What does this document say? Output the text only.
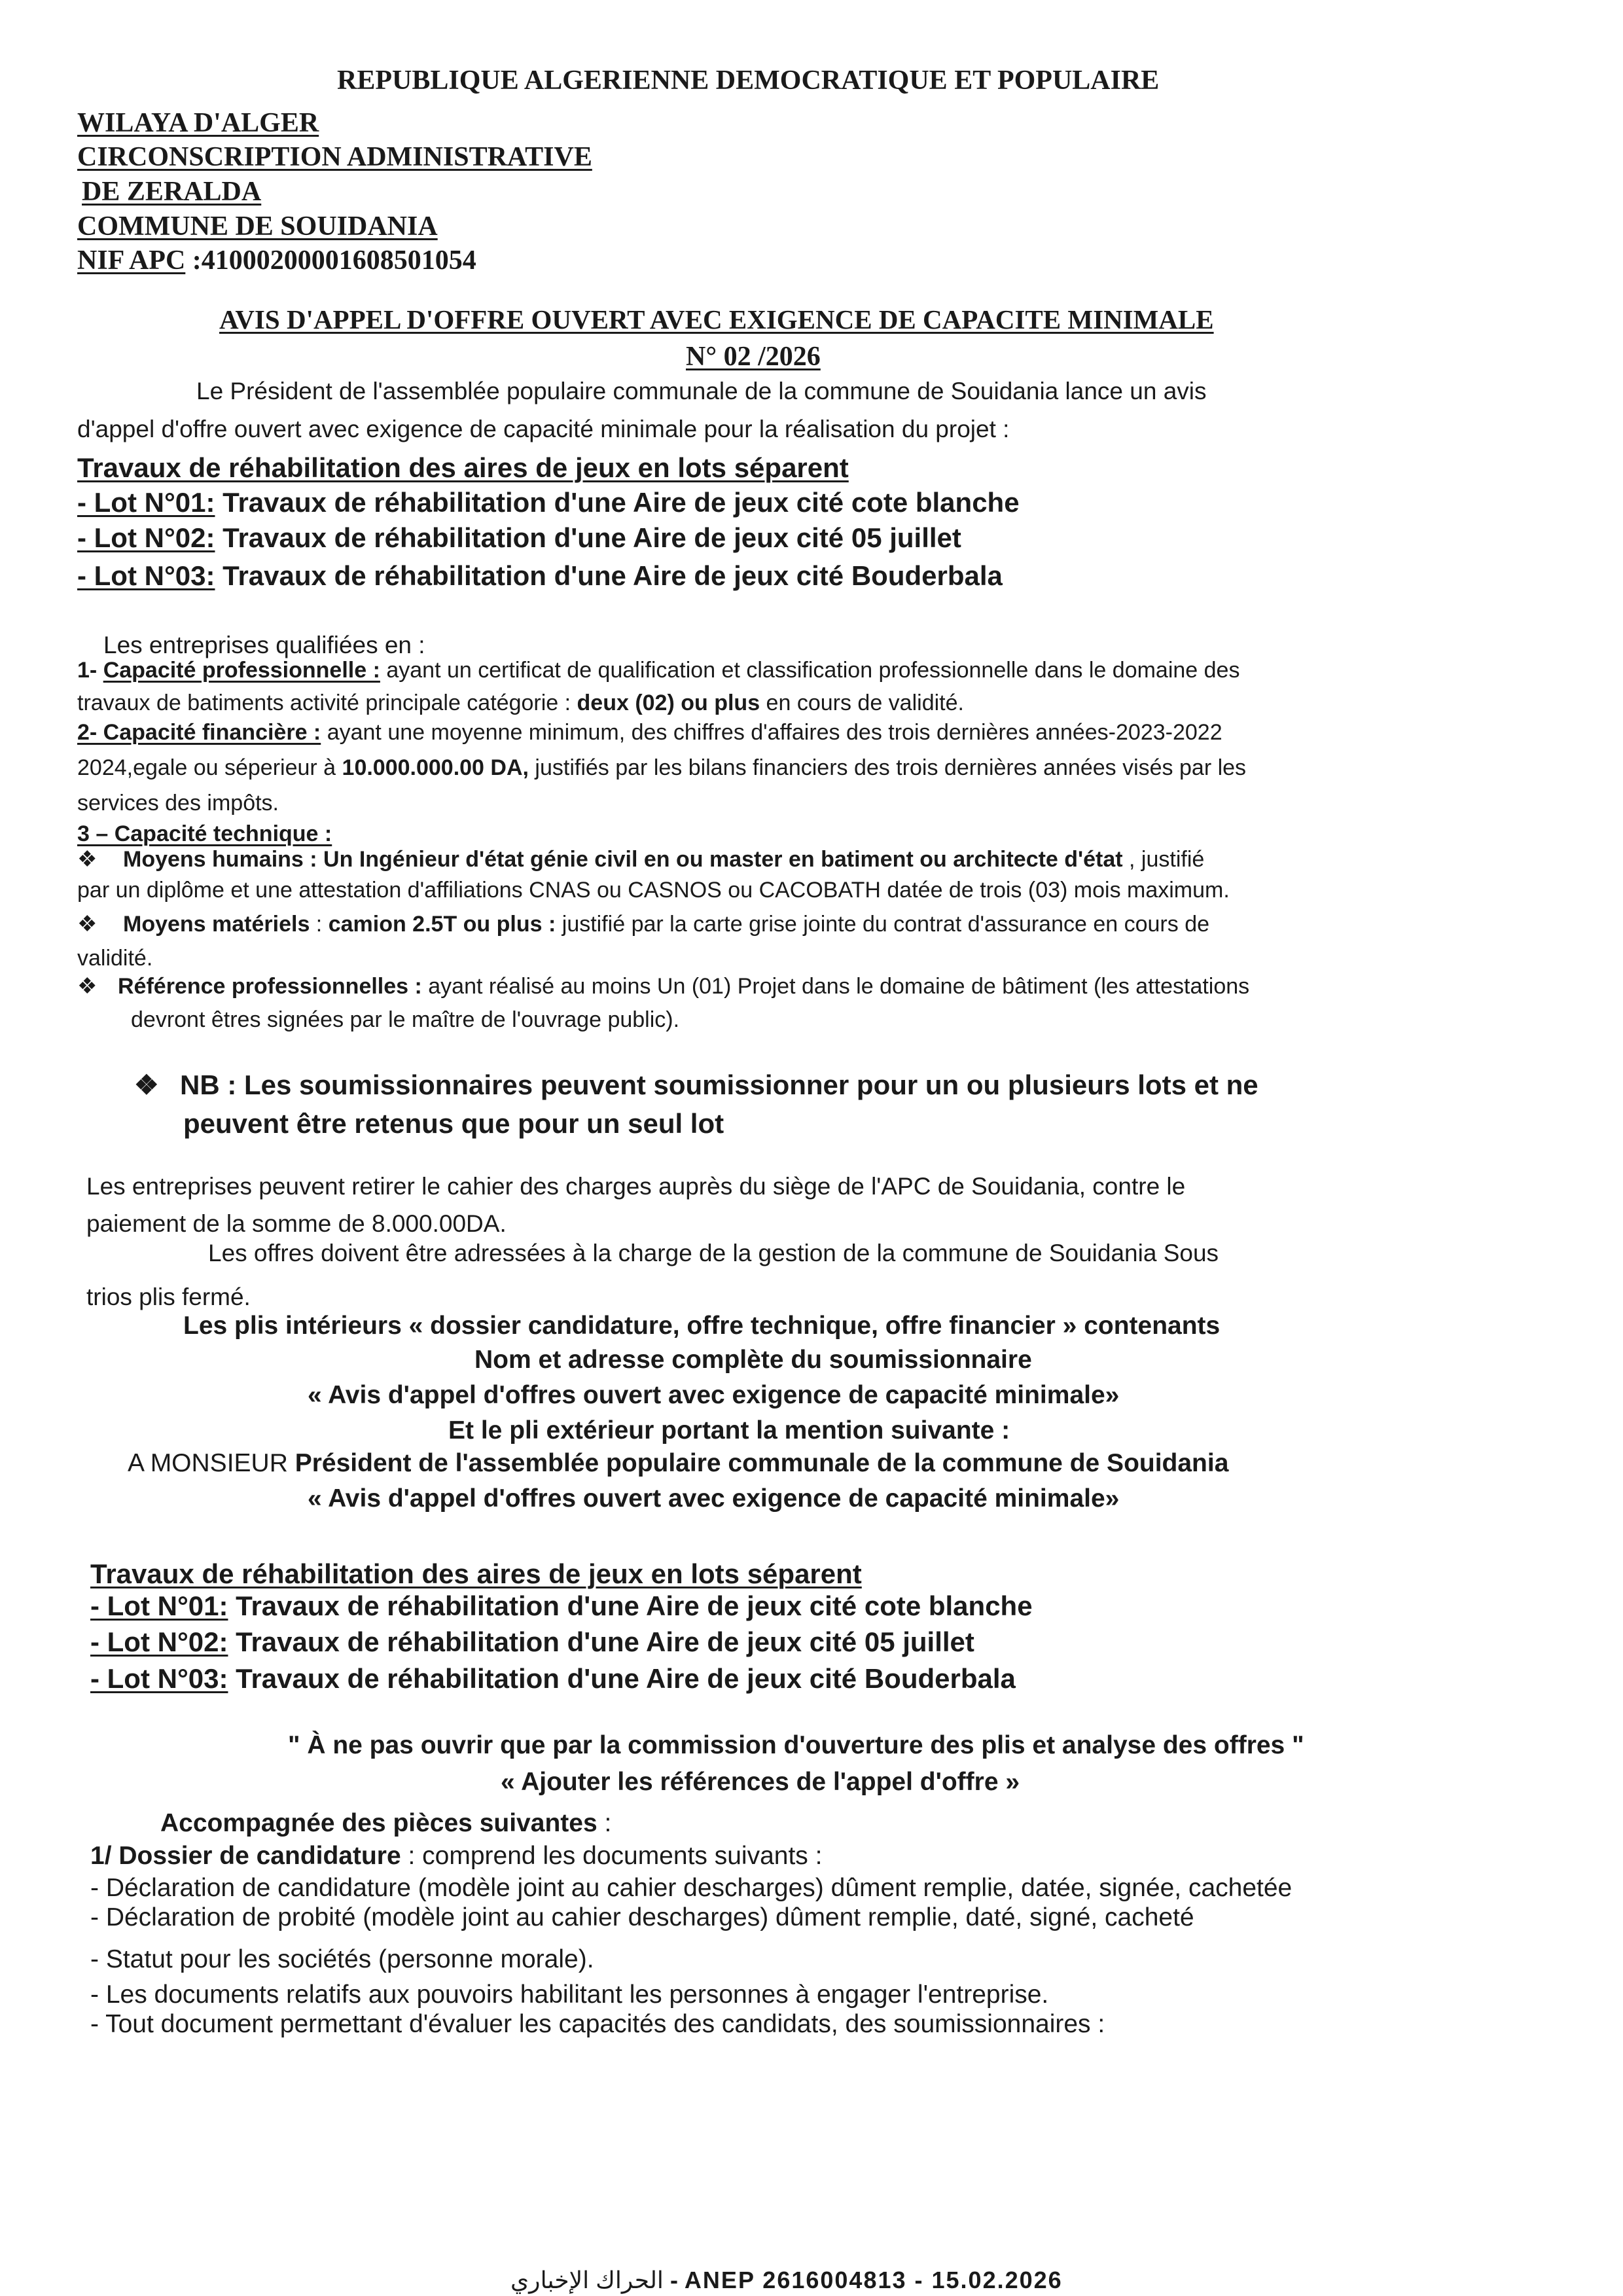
REPUBLIQUE ALGERIENNE DEMOCRATIQUE ET POPULAIRE
WILAYA D'ALGER
CIRCONSCRIPTION ADMINISTRATIVE
DE ZERALDA
COMMUNE DE SOUIDANIA
NIF APC :41000200001608501054
AVIS D'APPEL D'OFFRE OUVERT AVEC EXIGENCE DE CAPACITE MINIMALE
N° 02 /2026
Le Président de l'assemblée populaire communale de la commune de Souidania lance un avis
d'appel d'offre ouvert avec exigence de capacité minimale pour la réalisation du projet :
Travaux de réhabilitation des aires de jeux en lots séparent
- Lot N°01: Travaux de réhabilitation d'une Aire de jeux cité cote blanche
- Lot N°02: Travaux de réhabilitation d'une Aire de jeux cité 05 juillet
- Lot N°03: Travaux de réhabilitation d'une Aire de jeux cité Bouderbala
Les entreprises qualifiées en :
1- Capacité professionnelle : ayant un certificat de qualification et classification professionnelle dans le domaine des
travaux de batiments activité principale catégorie : deux (02) ou plus en cours de validité.
2- Capacité financière : ayant une moyenne minimum, des chiffres d'affaires des trois dernières années-2023-2022
2024,egale ou séperieur à 10.000.000.00 DA, justifiés par les bilans financiers des trois dernières années visés par les
services des impôts.
3 – Capacité technique :
❖ Moyens humains : Un Ingénieur d'état génie civil en ou master en batiment ou architecte d'état , justifié
par un diplôme et une attestation d'affiliations CNAS ou CASNOS ou CACOBATH datée de trois (03) mois maximum.
❖ Moyens matériels : camion 2.5T ou plus : justifié par la carte grise jointe du contrat d'assurance en cours de
validité.
❖ Référence professionnelles : ayant réalisé au moins Un (01) Projet dans le domaine de bâtiment (les attestations
devront êtres signées par le maître de l'ouvrage public).
❖ NB : Les soumissionnaires peuvent soumissionner pour un ou plusieurs lots et ne
peuvent être retenus que pour un seul lot
Les entreprises peuvent retirer le cahier des charges auprès du siège de l'APC de Souidania, contre le
paiement de la somme de 8.000.00DA.
Les offres doivent être adressées à la charge de la gestion de la commune de Souidania Sous
trios plis fermé.
Les plis intérieurs « dossier candidature, offre technique, offre financier » contenants
Nom et adresse complète du soumissionnaire
« Avis d'appel d'offres ouvert avec exigence de capacité minimale»
Et le pli extérieur portant la mention suivante :
A MONSIEUR Président de l'assemblée populaire communale de la commune de Souidania
« Avis d'appel d'offres ouvert avec exigence de capacité minimale»
Travaux de réhabilitation des aires de jeux en lots séparent
- Lot N°01: Travaux de réhabilitation d'une Aire de jeux cité cote blanche
- Lot N°02: Travaux de réhabilitation d'une Aire de jeux cité 05 juillet
- Lot N°03: Travaux de réhabilitation d'une Aire de jeux cité Bouderbala
" À ne pas ouvrir que par la commission d'ouverture des plis et analyse des offres "
« Ajouter les références de l'appel d'offre »
Accompagnée des pièces suivantes :
1/ Dossier de candidature : comprend les documents suivants :
- Déclaration de candidature (modèle joint au cahier descharges) dûment remplie, datée, signée, cachetée
- Déclaration de probité (modèle joint au cahier descharges) dûment remplie, daté, signé, cacheté
- Statut pour les sociétés (personne morale).
- Les documents relatifs aux pouvoirs habilitant les personnes à engager l'entreprise.
- Tout document permettant d'évaluer les capacités des candidats, des soumissionnaires :
الحراك الإخباري - ANEP 2616004813 - 15.02.2026
